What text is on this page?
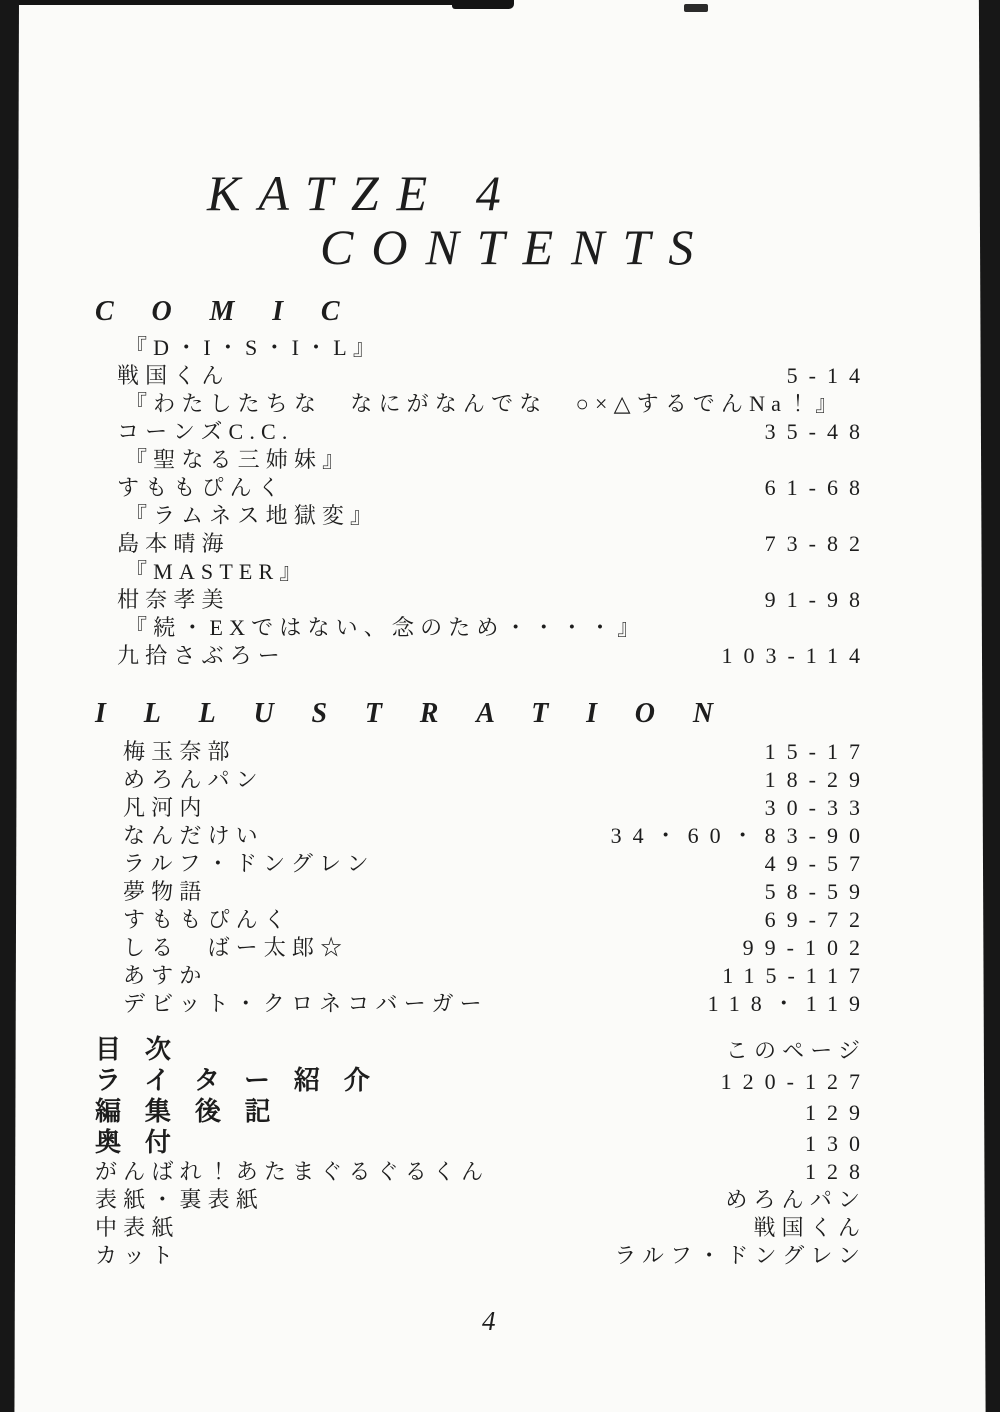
KATZE 4
CONTENTS
COMIC
『D・I・S・I・L』
戦国くん	5-14
『わたしたちな　なにがなんでな　○×△するでんNa！』
コーンズC.C.	35-48
『聖なる三姉妹』
すももぴんく	61-68
『ラムネス地獄変』
島本晴海	73-82
『MASTER』
柑奈孝美	91-98
『続・EXではない、念のため・・・・』
九拾さぶろー	103-114
ILLUSTRATION
梅玉奈部	15-17
めろんパン	18-29
凡河内	30-33
なんだけい	34・60・83-90
ラルフ・ドングレン	49-57
夢物語	58-59
すももぴんく	69-72
しる　ばー太郎☆	99-102
あすか	115-117
デビット・クロネコバーガー	118・119
目次	このページ
ライター紹介	120-127
編集後記	129
奥付	130
がんばれ！あたまぐるぐるくん	128
表紙・裏表紙	めろんパン
中表紙	戦国くん
カット	ラルフ・ドングレン
4
